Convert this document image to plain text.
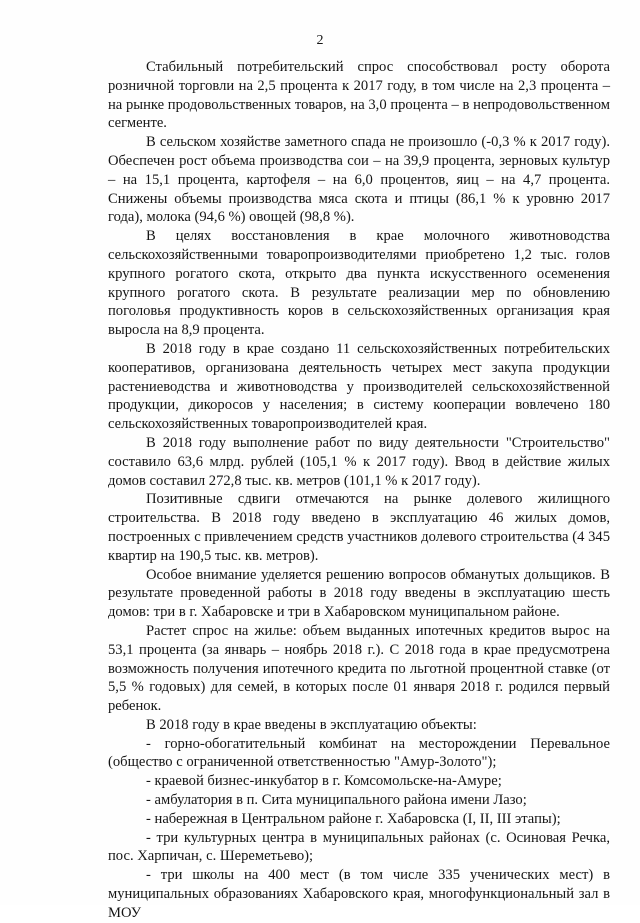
2

Стабильный потребительский спрос способствовал росту оборота розничной торговли на 2,5 процента к 2017 году, в том числе на 2,3 процента – на рынке продовольственных товаров, на 3,0 процента – в непродовольственном сегменте.

В сельском хозяйстве заметного спада не произошло (-0,3 % к 2017 году). Обеспечен рост объема производства сои – на 39,9 процента, зерновых культур – на 15,1 процента, картофеля – на 6,0 процентов, яиц – на 4,7 процента. Снижены объемы производства мяса скота и птицы (86,1 % к уровню 2017 года), молока (94,6 %) овощей (98,8 %).

В целях восстановления в крае молочного животноводства сельскохозяйственными товаропроизводителями приобретено 1,2 тыс. голов крупного рогатого скота, открыто два пункта искусственного осеменения крупного рогатого скота. В результате реализации мер по обновлению поголовья продуктивность коров в сельскохозяйственных организация края выросла на 8,9 процента.

В 2018 году в крае создано 11 сельскохозяйственных потребительских кооперативов, организована деятельность четырех мест закупа продукции растениеводства и животноводства у производителей сельскохозяйственной продукции, дикоросов у населения; в систему кооперации вовлечено 180 сельскохозяйственных товаропроизводителей края.

В 2018 году выполнение работ по виду деятельности "Строительство" составило 63,6 млрд. рублей (105,1 % к 2017 году). Ввод в действие жилых домов составил 272,8 тыс. кв. метров (101,1 % к 2017 году).

Позитивные сдвиги отмечаются на рынке долевого жилищного строительства. В 2018 году введено в эксплуатацию 46 жилых домов, построенных с привлечением средств участников долевого строительства (4 345 квартир на 190,5 тыс. кв. метров).

Особое внимание уделяется решению вопросов обманутых дольщиков. В результате проведенной работы в 2018 году введены в эксплуатацию шесть домов: три в г. Хабаровске и три в Хабаровском муниципальном районе.

Растет спрос на жилье: объем выданных ипотечных кредитов вырос на 53,1 процента (за январь – ноябрь 2018 г.). С 2018 года в крае предусмотрена возможность получения ипотечного кредита по льготной процентной ставке (от 5,5 % годовых) для семей, в которых после 01 января 2018 г. родился первый ребенок.

В 2018 году в крае введены в эксплуатацию объекты:

- горно-обогатительный комбинат на месторождении Перевальное (общество с ограниченной ответственностью "Амур-Золото");

- краевой бизнес-инкубатор в г. Комсомольске-на-Амуре;

- амбулатория в п. Сита муниципального района имени Лазо;

- набережная в Центральном районе г. Хабаровска (I, II, III этапы);

- три культурных центра в муниципальных районах (с. Осиновая Речка, пос. Харпичан, с. Шереметьево);

- три школы на 400 мест (в том числе 335 ученических мест) в муниципальных образованиях Хабаровского края, многофункциональный зал в МОУ
